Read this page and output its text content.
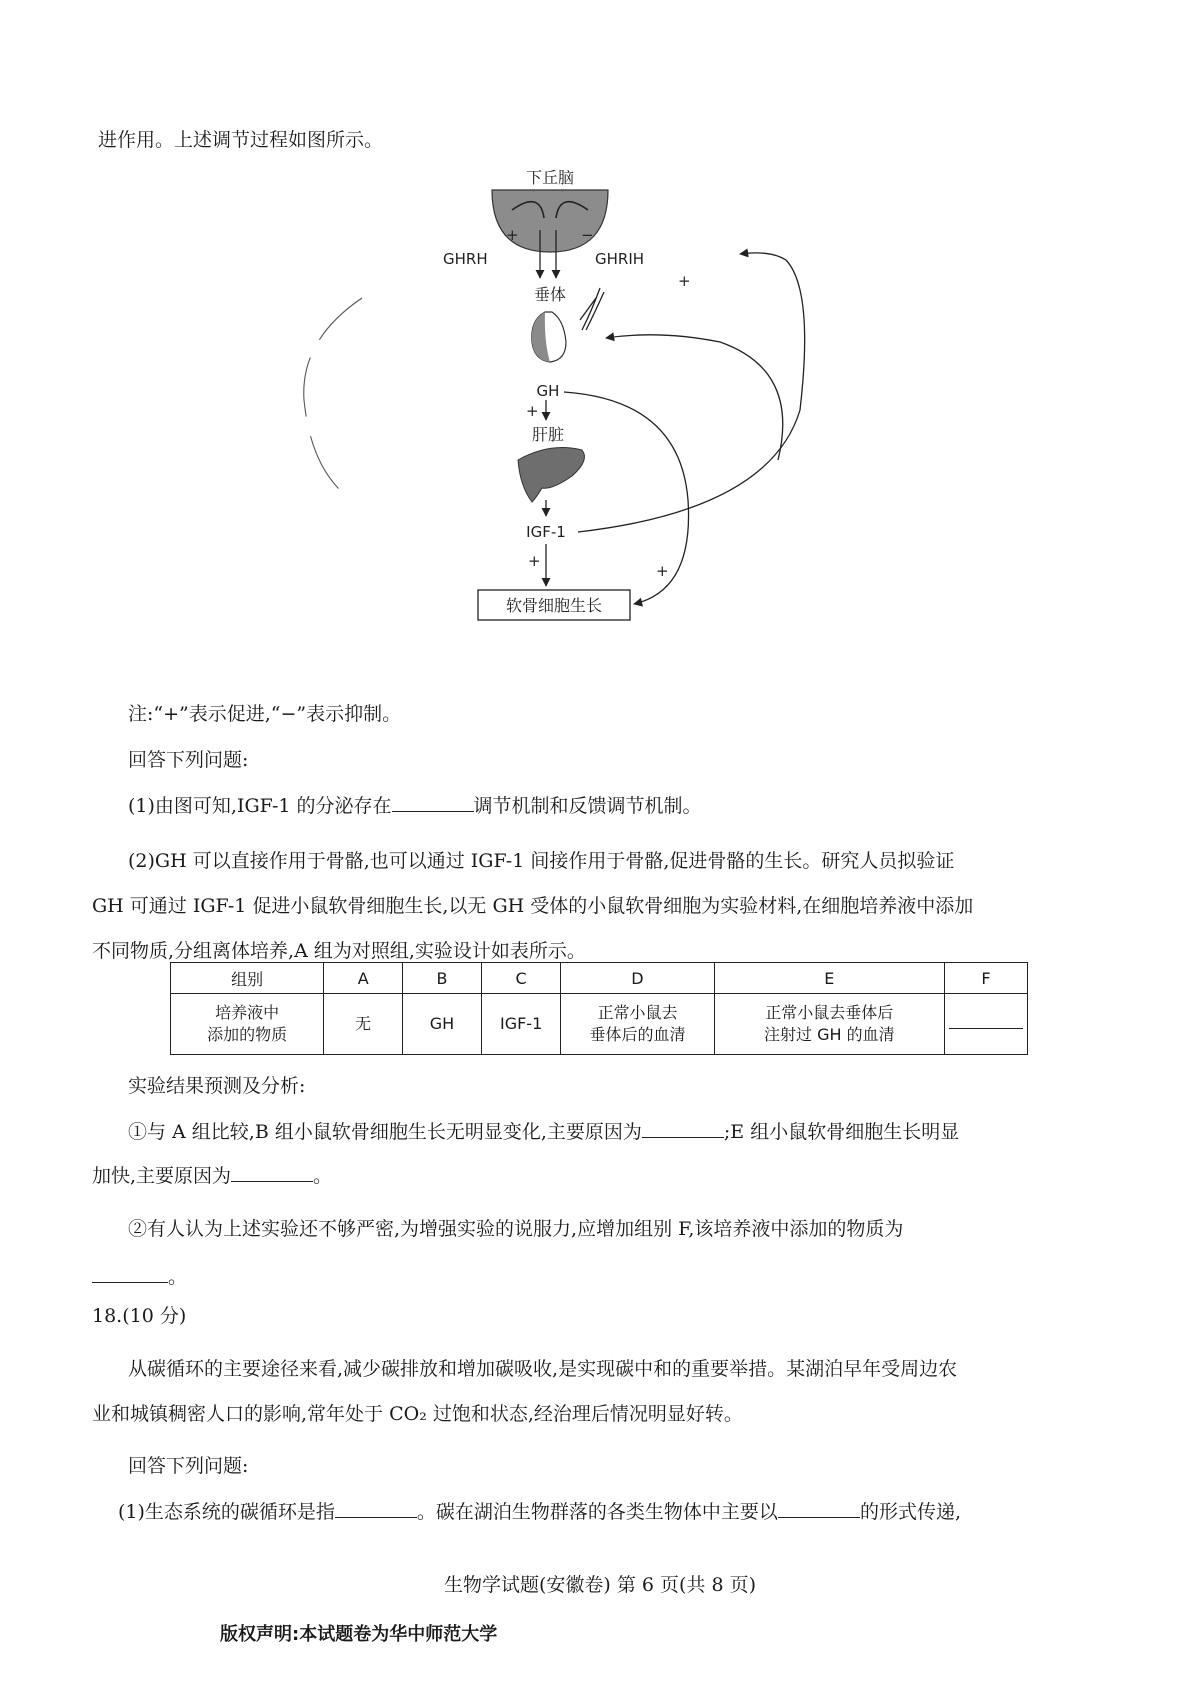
进作用。上述调节过程如图所示。
下丘脑
+	−
GHRH	GHRIH
垂体
GH
+
肝脏
IGF-1
+
软骨细胞生长
+
+
注:“+”表示促进,“−”表示抑制。
回答下列问题:
(1)由图可知,IGF-1 的分泌存在	调节机制和反馈调节机制。
(2)GH 可以直接作用于骨骼,也可以通过 IGF-1 间接作用于骨骼,促进骨骼的生长。研究人员拟验证
GH 可通过 IGF-1 促进小鼠软骨细胞生长,以无 GH 受体的小鼠软骨细胞为实验材料,在细胞培养液中添加
不同物质,分组离体培养,A 组为对照组,实验设计如表所示。
组别	A	B	C	D	E	F
培养液中
添加的物质	无	GH	IGF-1	正常小鼠去
垂体后的血清	正常小鼠去垂体后
注射过 GH 的血清	
实验结果预测及分析:
①与 A 组比较,B 组小鼠软骨细胞生长无明显变化,主要原因为	;E 组小鼠软骨细胞生长明显
加快,主要原因为	。
②有人认为上述实验还不够严密,为增强实验的说服力,应增加组别 F,该培养液中添加的物质为
。
18.(10 分)
从碳循环的主要途径来看,减少碳排放和增加碳吸收,是实现碳中和的重要举措。某湖泊早年受周边农
业和城镇稠密人口的影响,常年处于 CO₂ 过饱和状态,经治理后情况明显好转。
回答下列问题:
(1)生态系统的碳循环是指	。碳在湖泊生物群落的各类生物体中主要以	的形式传递,
生物学试题(安徽卷) 第 6 页(共 8 页)
版权声明:本试题卷为华中师范大学
